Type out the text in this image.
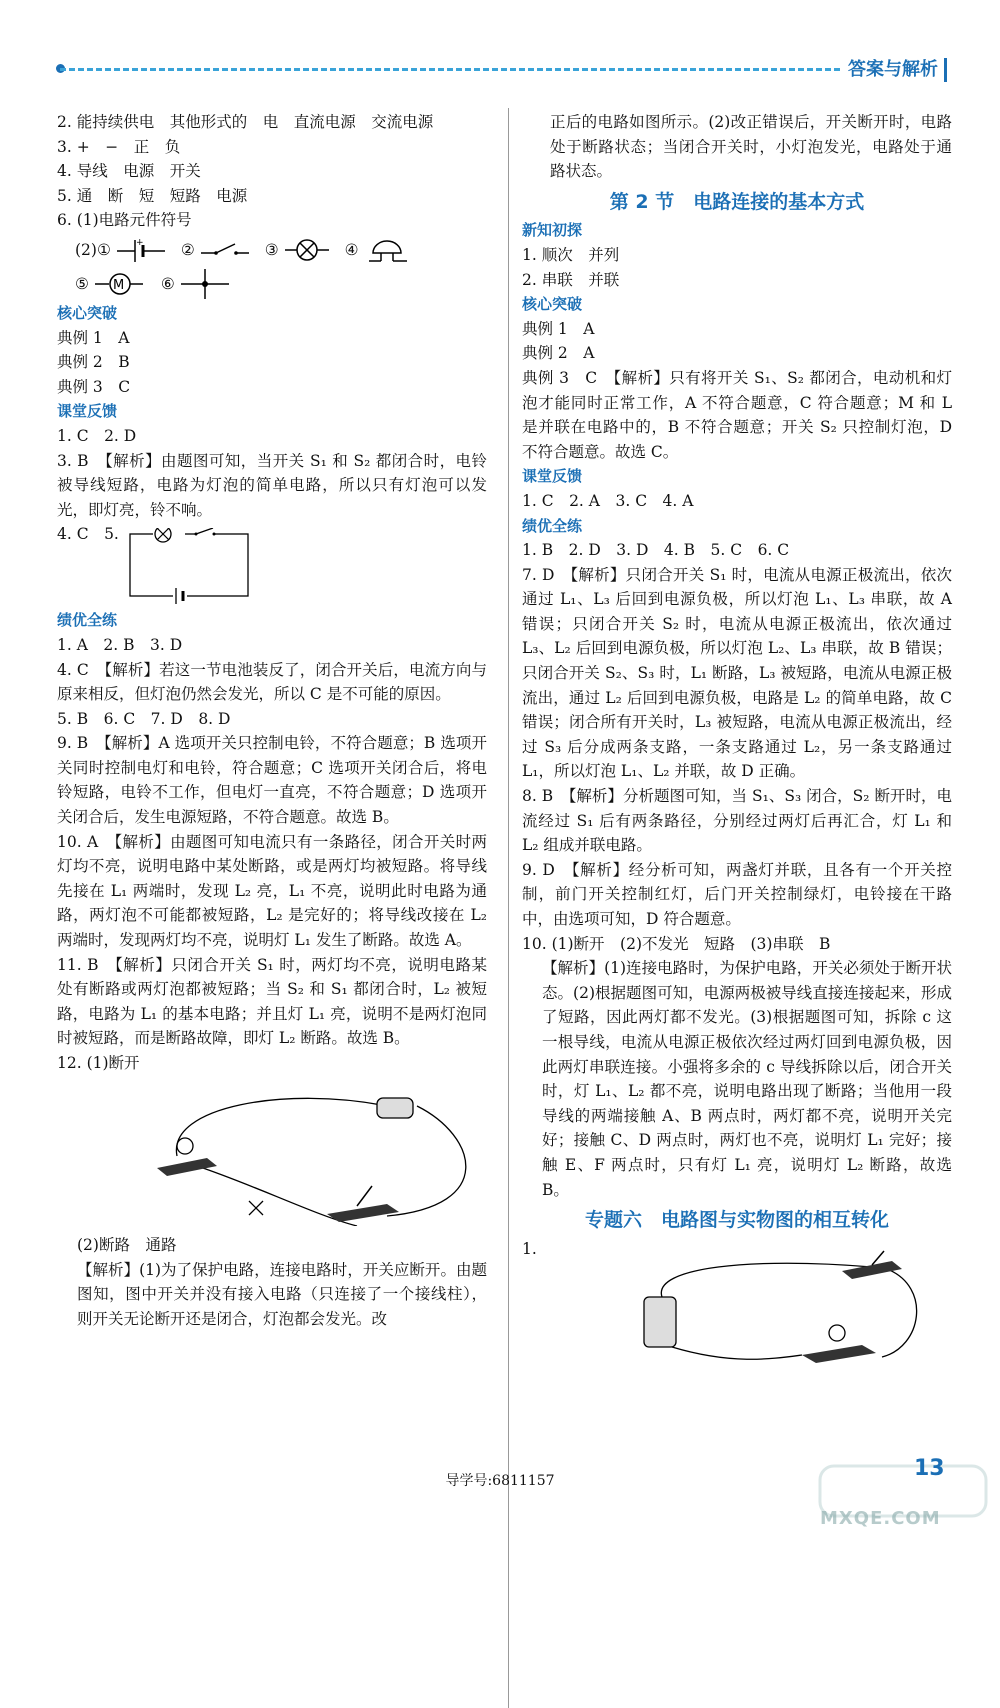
答案与解析
2. 能持续供电　其他形式的　电　直流电源　交流电源
3. +　−　正　负
4. 导线　电源　开关
5. 通　断　短　短路　电源
6. (1)电路元件符号
(2)①	+ ②	③	④
⑤ M ⑥
核心突破
典例 1　A
典例 2　B
典例 3　C
课堂反馈
1. C　2. D
3. B　【解析】由题图可知，当开关 S₁ 和 S₂ 都闭合时，电铃被导线短路，电路为灯泡的简单电路，所以只有灯泡可以发光，即灯亮，铃不响。
4. C　5.
绩优全练
1. A　2. B　3. D
4. C　【解析】若这一节电池装反了，闭合开关后，电流方向与原来相反，但灯泡仍然会发光，所以 C 是不可能的原因。
5. B　6. C　7. D　8. D
9. B　【解析】A 选项开关只控制电铃，不符合题意；B 选项开关同时控制电灯和电铃，符合题意；C 选项开关闭合后，将电铃短路，电铃不工作，但电灯一直亮，不符合题意；D 选项开关闭合后，发生电源短路，不符合题意。故选 B。
10. A　【解析】由题图可知电流只有一条路径，闭合开关时两灯均不亮，说明电路中某处断路，或是两灯均被短路。将导线先接在 L₁ 两端时，发现 L₂ 亮，L₁ 不亮，说明此时电路为通路，两灯泡不可能都被短路，L₂ 是完好的；将导线改接在 L₂ 两端时，发现两灯均不亮，说明灯 L₁ 发生了断路。故选 A。
11. B　【解析】只闭合开关 S₁ 时，两灯均不亮，说明电路某处有断路或两灯泡都被短路；当 S₂ 和 S₁ 都闭合时，L₂ 被短路，电路为 L₁ 的基本电路；并且灯 L₁ 亮，说明不是两灯泡同时被短路，而是断路故障，即灯 L₂ 断路。故选 B。
12. (1)断开
(2)断路　通路
【解析】(1)为了保护电路，连接电路时，开关应断开。由题图知，图中开关并没有接入电路（只连接了一个接线柱），则开关无论断开还是闭合，灯泡都会发光。改
正后的电路如图所示。(2)改正错误后，开关断开时，电路处于断路状态；当闭合开关时，小灯泡发光，电路处于通路状态。
第 2 节　电路连接的基本方式
新知初探
1. 顺次　并列
2. 串联　并联
核心突破
典例 1　A
典例 2　A
典例 3　C　【解析】只有将开关 S₁、S₂ 都闭合，电动机和灯泡才能同时正常工作，A 不符合题意，C 符合题意；M 和 L 是并联在电路中的，B 不符合题意；开关 S₂ 只控制灯泡，D 不符合题意。故选 C。
课堂反馈
1. C　2. A　3. C　4. A
绩优全练
1. B　2. D　3. D　4. B　5. C　6. C
7. D　【解析】只闭合开关 S₁ 时，电流从电源正极流出，依次通过 L₁、L₃ 后回到电源负极，所以灯泡 L₁、L₃ 串联，故 A 错误；只闭合开关 S₂ 时，电流从电源正极流出，依次通过 L₃、L₂ 后回到电源负极，所以灯泡 L₂、L₃ 串联，故 B 错误；只闭合开关 S₂、S₃ 时，L₁ 断路，L₃ 被短路，电流从电源正极流出，通过 L₂ 后回到电源负极，电路是 L₂ 的简单电路，故 C 错误；闭合所有开关时，L₃ 被短路，电流从电源正极流出，经过 S₃ 后分成两条支路，一条支路通过 L₂，另一条支路通过 L₁，所以灯泡 L₁、L₂ 并联，故 D 正确。
8. B　【解析】分析题图可知，当 S₁、S₃ 闭合，S₂ 断开时，电流经过 S₁ 后有两条路径，分别经过两灯后再汇合，灯 L₁ 和 L₂ 组成并联电路。
9. D　【解析】经分析可知，两盏灯并联，且各有一个开关控制，前门开关控制红灯，后门开关控制绿灯，电铃接在干路中，由选项可知，D 符合题意。
10. (1)断开　(2)不发光　短路　(3)串联　B
【解析】(1)连接电路时，为保护电路，开关必须处于断开状态。(2)根据题图可知，电源两极被导线直接连接起来，形成了短路，因此两灯都不发光。(3)根据题图可知，拆除 c 这一根导线，电流从电源正极依次经过两灯回到电源负极，因此两灯串联连接。小强将多余的 c 导线拆除以后，闭合开关时，灯 L₁、L₂ 都不亮，说明电路出现了断路；当他用一段导线的两端接触 A、B 两点时，两灯都不亮，说明开关完好；接触 C、D 两点时，两灯也不亮，说明灯 L₁ 完好；接触 E、F 两点时，只有灯 L₁ 亮，说明灯 L₂ 断路，故选 B。
专题六　电路图与实物图的相互转化
1.
导学号:6811157	13
MXQE.COM
